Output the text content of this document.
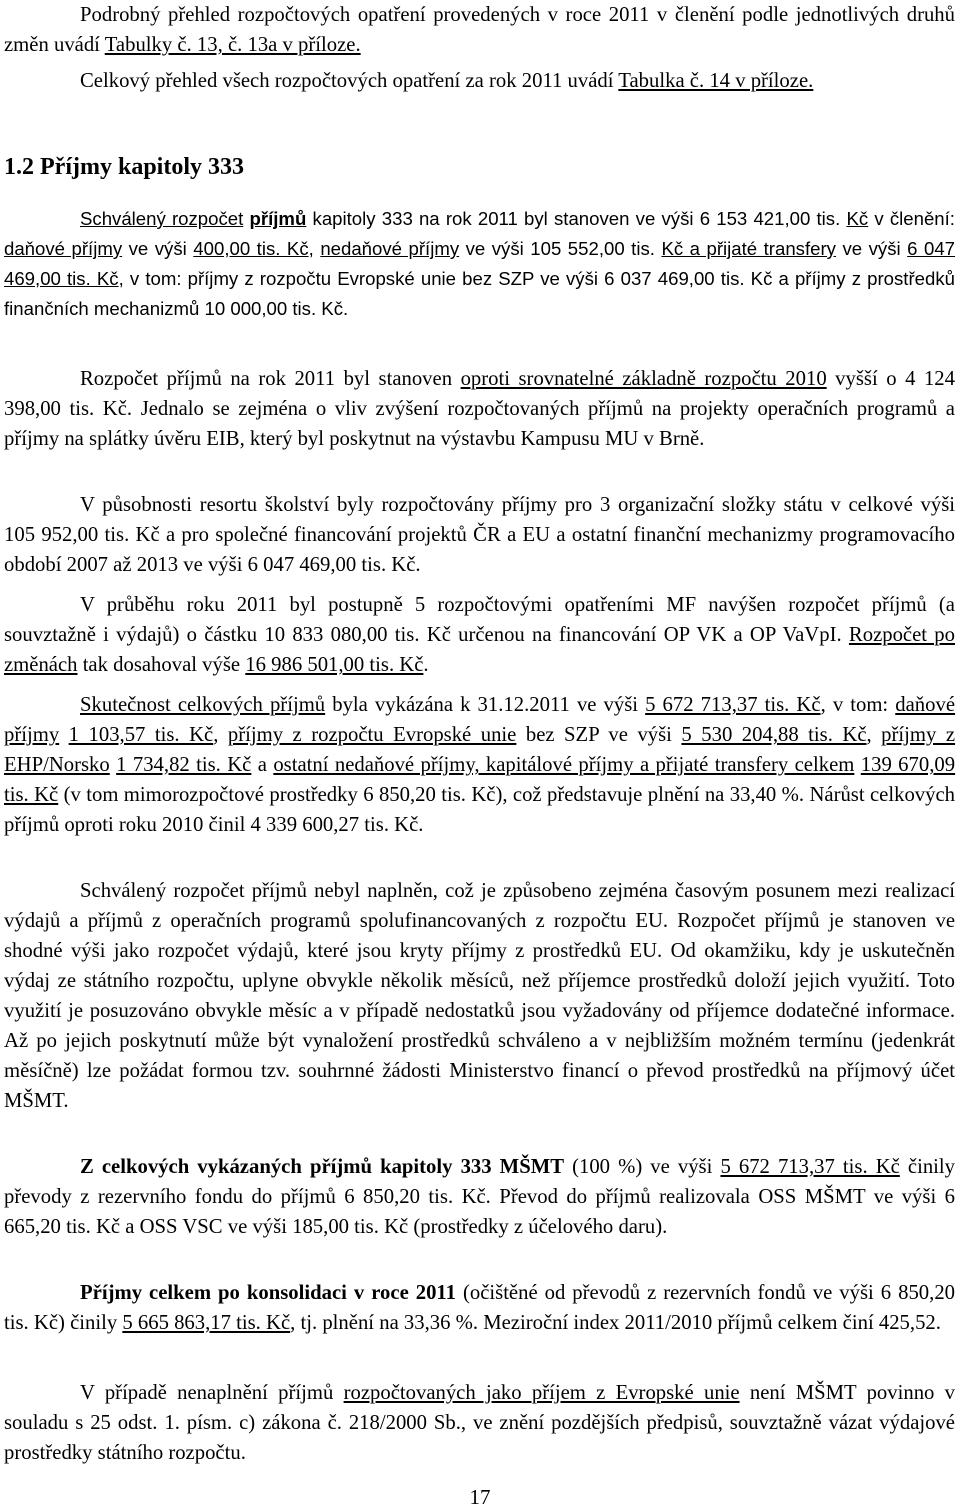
Podrobný přehled rozpočtových opatření provedených v roce 2011 v členění podle jednotlivých druhů změn uvádí Tabulky č. 13, č. 13a v příloze.

Celkový přehled všech rozpočtových opatření za rok 2011 uvádí Tabulka č. 14 v příloze.

1.2 Příjmy kapitoly 333

Schválený rozpočet příjmů kapitoly 333 na rok 2011 byl stanoven ve výši 6 153 421,00 tis. Kč v členění: daňové příjmy ve výši 400,00 tis. Kč, nedaňové příjmy ve výši 105 552,00 tis. Kč a přijaté transfery ve výši 6 047 469,00 tis. Kč, v tom: příjmy z rozpočtu Evropské unie bez SZP ve výši 6 037 469,00 tis. Kč a příjmy z prostředků finančních mechanizmů 10 000,00 tis. Kč.

Rozpočet příjmů na rok 2011 byl stanoven oproti srovnatelné základně rozpočtu 2010 vyšší o 4 124 398,00 tis. Kč. Jednalo se zejména o vliv zvýšení rozpočtovaných příjmů na projekty operačních programů a příjmy na splátky úvěru EIB, který byl poskytnut na výstavbu Kampusu MU v Brně.

V působnosti resortu školství byly rozpočtovány příjmy pro 3 organizační složky státu v celkové výši 105 952,00 tis. Kč a pro společné financování projektů ČR a EU a ostatní finanční mechanizmy programovacího období 2007 až 2013 ve výši 6 047 469,00 tis. Kč.

V průběhu roku 2011 byl postupně 5 rozpočtovými opatřeními MF navýšen rozpočet příjmů (a souvztažně i výdajů) o částku 10 833 080,00 tis. Kč určenou na financování OP VK a OP VaVpI. Rozpočet po změnách tak dosahoval výše 16 986 501,00 tis. Kč.

Skutečnost celkových příjmů byla vykázána k 31.12.2011 ve výši 5 672 713,37 tis. Kč, v tom: daňové příjmy 1 103,57 tis. Kč, příjmy z rozpočtu Evropské unie bez SZP ve výši 5 530 204,88 tis. Kč, příjmy z EHP/Norsko 1 734,82 tis. Kč a ostatní nedaňové příjmy, kapitálové příjmy a přijaté transfery celkem 139 670,09 tis. Kč (v tom mimorozpočtové prostředky 6 850,20 tis. Kč), což představuje plnění na 33,40 %. Nárůst celkových příjmů oproti roku 2010 činil 4 339 600,27 tis. Kč.

Schválený rozpočet příjmů nebyl naplněn, což je způsobeno zejména časovým posunem mezi realizací výdajů a příjmů z operačních programů spolufinancovaných z rozpočtu EU. Rozpočet příjmů je stanoven ve shodné výši jako rozpočet výdajů, které jsou kryty příjmy z prostředků EU. Od okamžiku, kdy je uskutečněn výdaj ze státního rozpočtu, uplyne obvykle několik měsíců, než příjemce prostředků doloží jejich využití. Toto využití je posuzováno obvykle měsíc a v případě nedostatků jsou vyžadovány od příjemce dodatečné informace. Až po jejich poskytnutí může být vynaložení prostředků schváleno a v nejbližším možném termínu (jedenkrát měsíčně) lze požádat formou tzv. souhrnné žádosti Ministerstvo financí o převod prostředků na příjmový účet MŠMT.

Z celkových vykázaných příjmů kapitoly 333 MŠMT (100 %) ve výši 5 672 713,37 tis. Kč činily převody z rezervního fondu do příjmů 6 850,20 tis. Kč. Převod do příjmů realizovala OSS MŠMT ve výši 6 665,20 tis. Kč a OSS VSC ve výši 185,00 tis. Kč (prostředky z účelového daru).

Příjmy celkem po konsolidaci v roce 2011 (očištěné od převodů z rezervních fondů ve výši 6 850,20 tis. Kč) činily 5 665 863,17 tis. Kč, tj. plnění na 33,36 %. Meziroční index 2011/2010 příjmů celkem činí 425,52.

V případě nenaplnění příjmů rozpočtovaných jako příjem z Evropské unie není MŠMT povinno v souladu s 25 odst. 1. písm. c) zákona č. 218/2000 Sb., ve znění pozdějších předpisů, souvztažně vázat výdajové prostředky státního rozpočtu.

17
